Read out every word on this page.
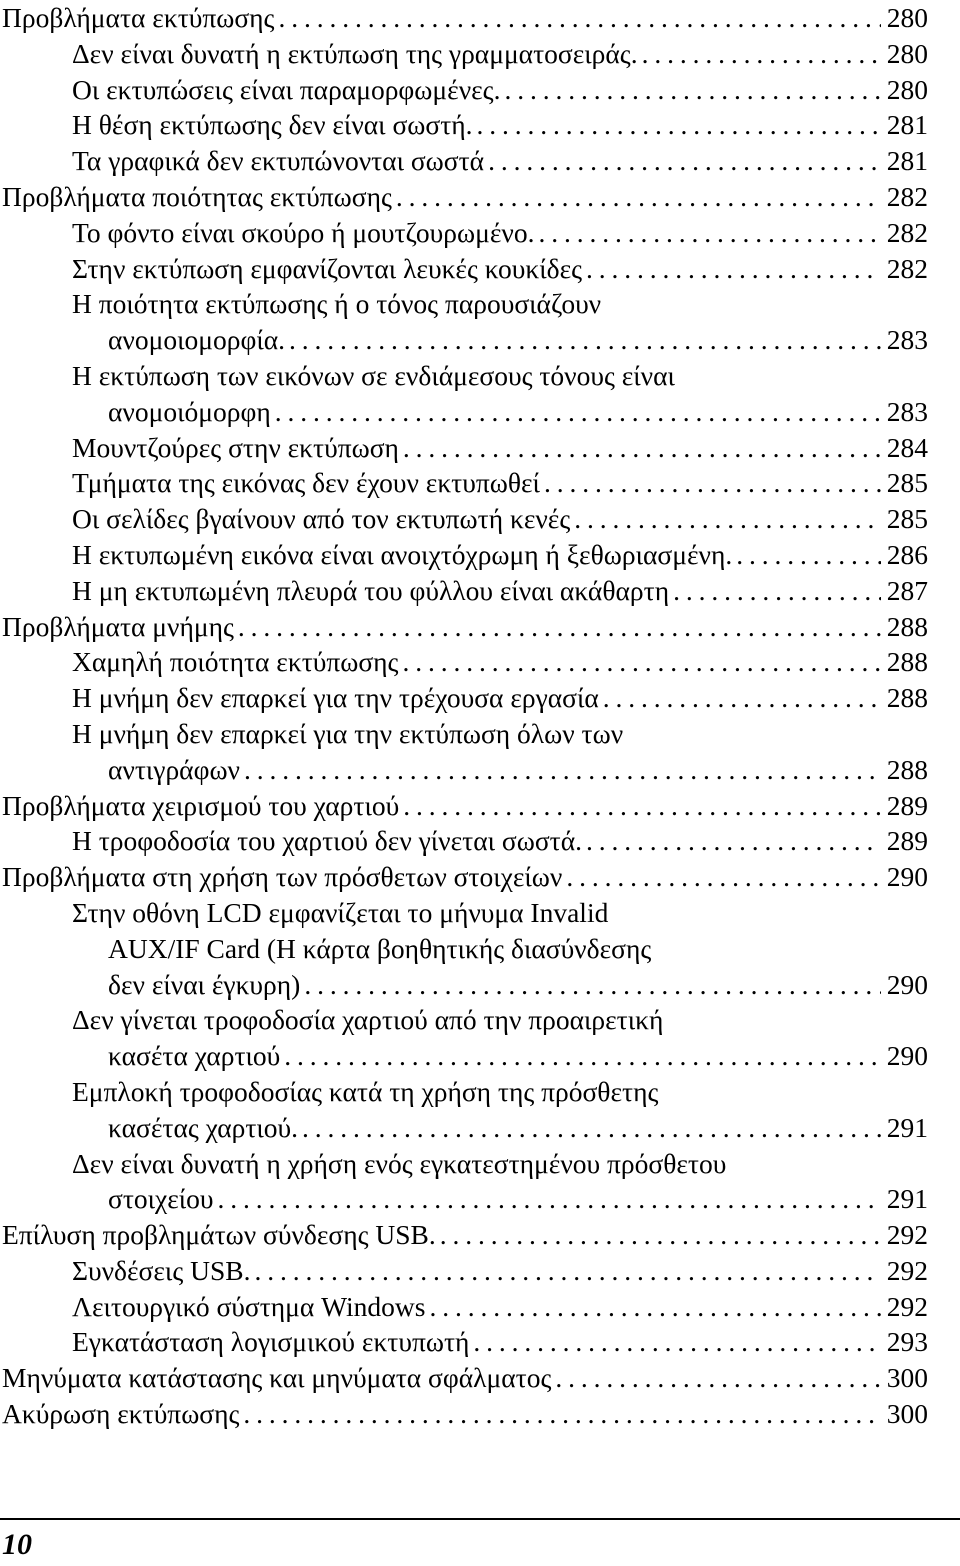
Προβλήματα εκτύπωσης . . .	280
Δεν είναι δυνατή η εκτύπωση της γραμματοσειράς. . . .	280
Οι εκτυπώσεις είναι παραμορφωμένες. . . .	280
Η θέση εκτύπωσης δεν είναι σωστή. . . .	281
Τα γραφικά δεν εκτυπώνονται σωστά . . .	281
Προβλήματα ποιότητας εκτύπωσης . . .	282
Το φόντο είναι σκούρο ή μουτζουρωμένο. . . .	282
Στην εκτύπωση εμφανίζονται λευκές κουκίδες . . .	282
Η ποιότητα εκτύπωσης ή ο τόνος παρουσιάζουν
ανομοιομορφία. . . .	283
Η εκτύπωση των εικόνων σε ενδιάμεσους τόνους είναι
ανομοιόμορφη . . .	283
Μουντζούρες στην εκτύπωση . . .	284
Τμήματα της εικόνας δεν έχουν εκτυπωθεί . . .	285
Οι σελίδες βγαίνουν από τον εκτυπωτή κενές . . .	285
Η εκτυπωμένη εικόνα είναι ανοιχτόχρωμη ή ξεθωριασμένη. . . .	286
Η μη εκτυπωμένη πλευρά του φύλλου είναι ακάθαρτη . . .	287
Προβλήματα μνήμης . . .	288
Χαμηλή ποιότητα εκτύπωσης . . .	288
Η μνήμη δεν επαρκεί για την τρέχουσα εργασία . . .	288
Η μνήμη δεν επαρκεί για την εκτύπωση όλων των
αντιγράφων . . .	288
Προβλήματα χειρισμού του χαρτιού . . .	289
Η τροφοδοσία του χαρτιού δεν γίνεται σωστά. . . .	289
Προβλήματα στη χρήση των πρόσθετων στοιχείων . . .	290
Στην οθόνη LCD εμφανίζεται το μήνυμα Invalid
AUX/IF Card (Η κάρτα βοηθητικής διασύνδεσης
δεν είναι έγκυρη) . . .	290
Δεν γίνεται τροφοδοσία χαρτιού από την προαιρετική
κασέτα χαρτιού . . .	290
Εμπλοκή τροφοδοσίας κατά τη χρήση της πρόσθετης
κασέτας χαρτιού. . . .	291
Δεν είναι δυνατή η χρήση ενός εγκατεστημένου πρόσθετου
στοιχείου . . .	291
Επίλυση προβλημάτων σύνδεσης USB. . . .	292
Συνδέσεις USB. . . .	292
Λειτουργικό σύστημα Windows . . .	292
Εγκατάσταση λογισμικού εκτυπωτή . . .	293
Μηνύματα κατάστασης και μηνύματα σφάλματος . . .	300
Ακύρωση εκτύπωσης . . .	300
10
